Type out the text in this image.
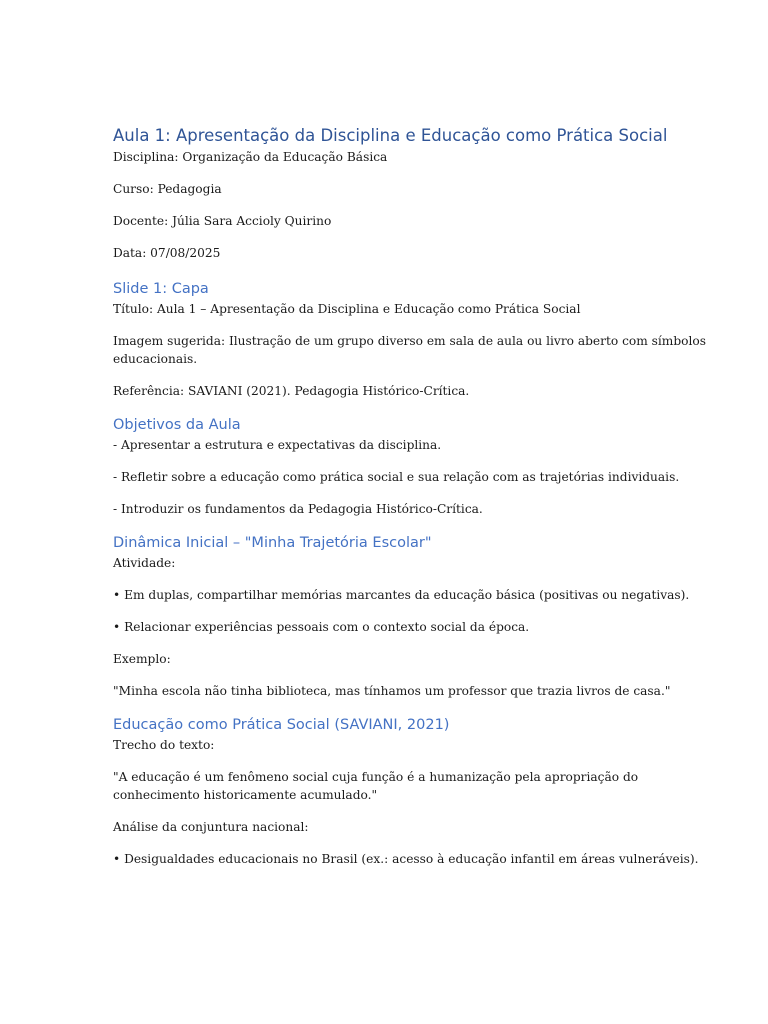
Aula 1: Apresentação da Disciplina e Educação como Prática Social

Disciplina: Organização da Educação Básica

Curso: Pedagogia

Docente: Júlia Sara Accioly Quirino

Data: 07/08/2025

Slide 1: Capa

Título: Aula 1 – Apresentação da Disciplina e Educação como Prática Social

Imagem sugerida: Ilustração de um grupo diverso em sala de aula ou livro aberto com símbolos educacionais.

Referência: SAVIANI (2021). Pedagogia Histórico-Crítica.

Objetivos da Aula

- Apresentar a estrutura e expectativas da disciplina.

- Refletir sobre a educação como prática social e sua relação com as trajetórias individuais.

- Introduzir os fundamentos da Pedagogia Histórico-Crítica.

Dinâmica Inicial – "Minha Trajetória Escolar"

Atividade:

• Em duplas, compartilhar memórias marcantes da educação básica (positivas ou negativas).

• Relacionar experiências pessoais com o contexto social da época.

Exemplo:

"Minha escola não tinha biblioteca, mas tínhamos um professor que trazia livros de casa."

Educação como Prática Social (SAVIANI, 2021)

Trecho do texto:

"A educação é um fenômeno social cuja função é a humanização pela apropriação do conhecimento historicamente acumulado."

Análise da conjuntura nacional:

• Desigualdades educacionais no Brasil (ex.: acesso à educação infantil em áreas vulneráveis).
